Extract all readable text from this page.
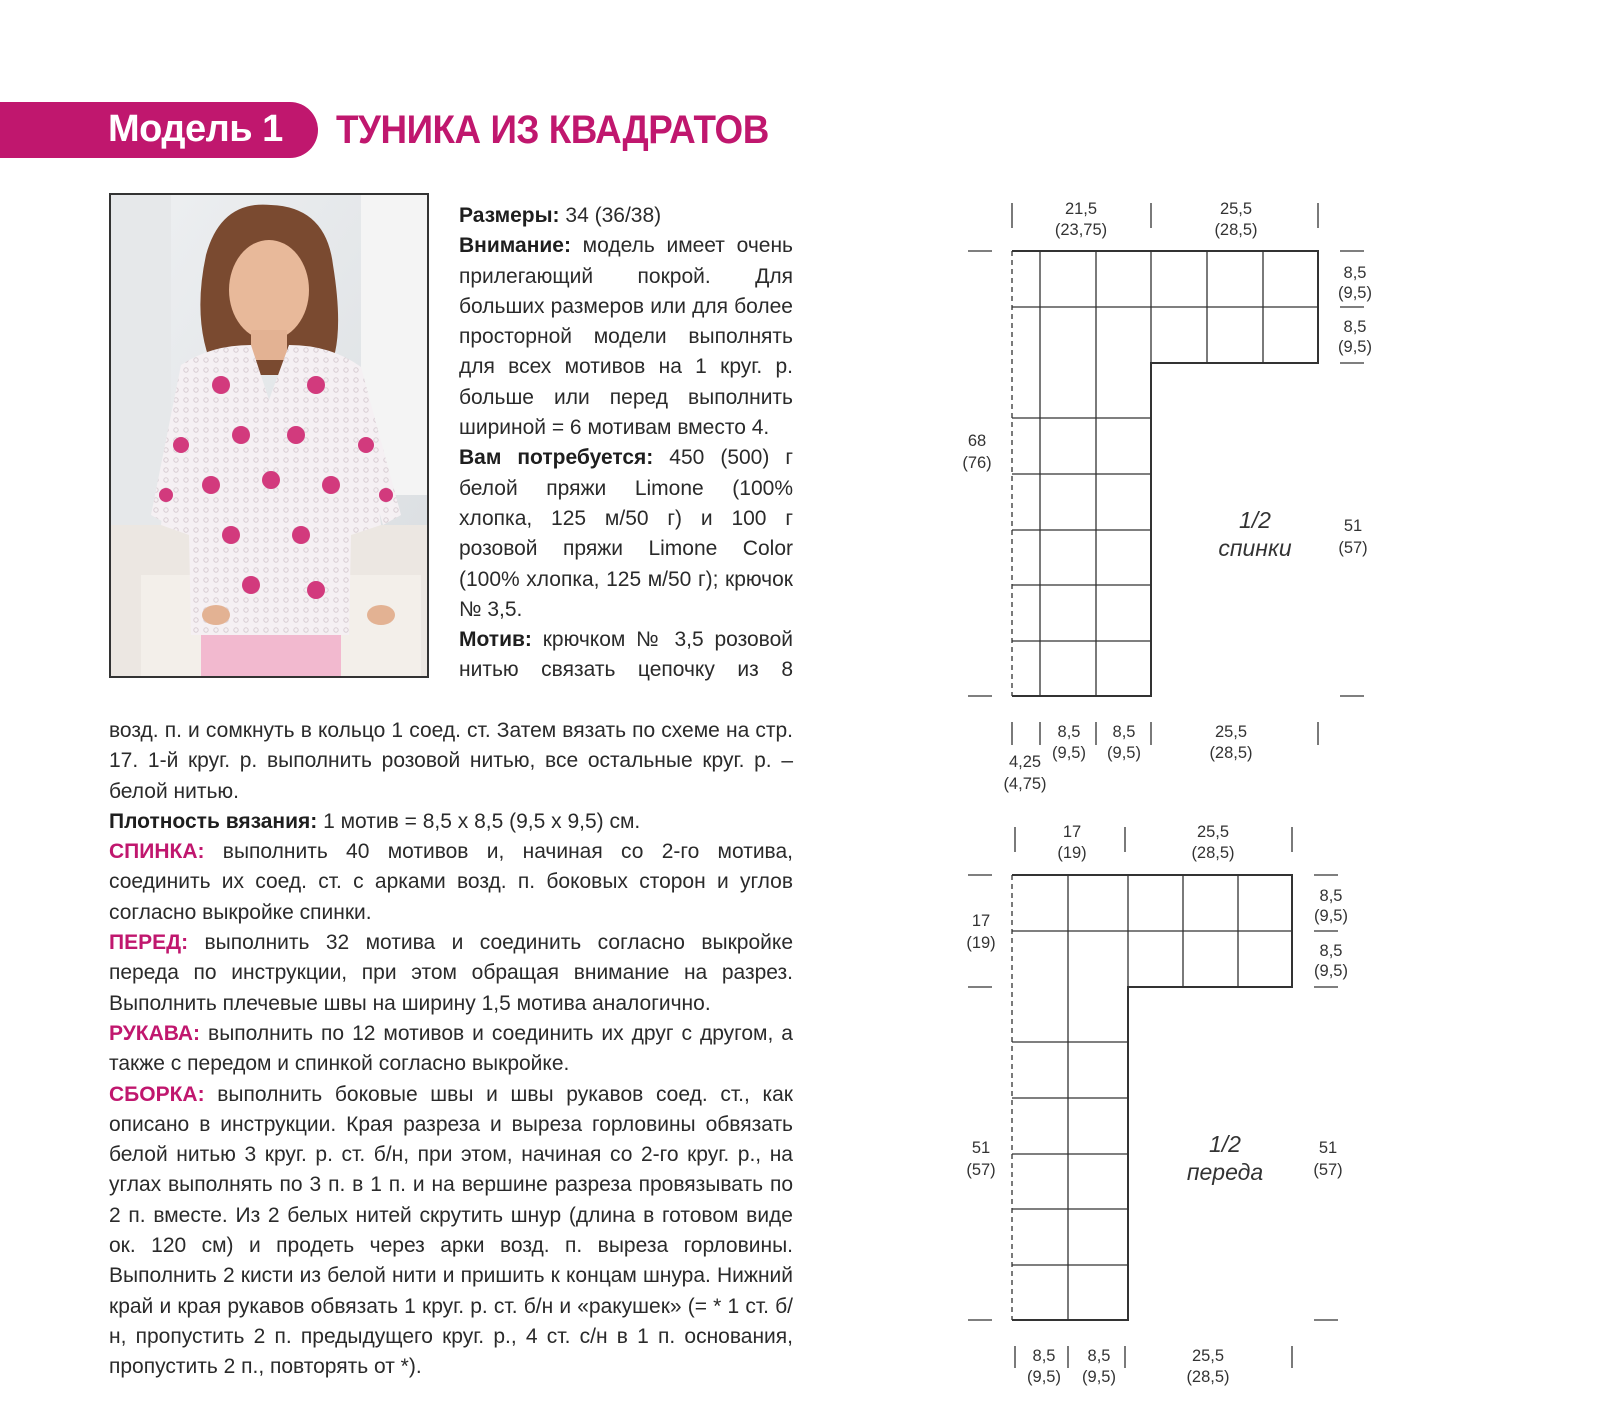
Модель 1 ТУНИКА ИЗ КВАДРАТОВ

Размеры: 34 (36/38)

Внимание: модель имеет очень прилегающий покрой. Для больших размеров или для более просторной модели выполнять для всех мотивов на 1 круг. р. больше или перед выполнить шириной = 6 мотивам вместо 4.

Вам потребуется: 450 (500) г белой пряжи Limone (100% хлопка, 125 м/50 г) и 100 г розовой пряжи Limone Color (100% хлопка, 125 м/50 г); крючок № 3,5.

Мотив: крючком № 3,5 розовой нитью связать цепочку из 8

возд. п. и сомкнуть в кольцо 1 соед. ст. Затем вязать по схеме на стр. 17. 1-й круг. р. выполнить розовой нитью, все остальные круг. р. – белой нитью.

Плотность вязания: 1 мотив = 8,5 х 8,5 (9,5 х 9,5) см.

СПИНКА: выполнить 40 мотивов и, начиная со 2-го мотива, соединить их соед. ст. с арками возд. п. боковых сторон и углов согласно выкройке спинки.

ПЕРЕД: выполнить 32 мотива и соединить согласно выкройке переда по инструкции, при этом обращая внимание на разрез. Выполнить плечевые швы на ширину 1,5 мотива аналогично.

РУКАВА: выполнить по 12 мотивов и соединить их друг с другом, а также с передом и спинкой согласно выкройке.

СБОРКА: выполнить боковые швы и швы рукавов соед. ст., как описано в инструкции. Края разреза и выреза горловины обвязать белой нитью 3 круг. р. ст. б/н, при этом, начиная со 2-го круг. р., на углах выполнять по 3 п. в 1 п. и на вершине разреза провязывать по 2 п. вместе. Из 2 белых нитей скрутить шнур (длина в готовом виде ок. 120 см) и продеть через арки возд. п. выреза горловины. Выполнить 2 кисти из белой нити и пришить к концам шнура. Нижний край и края рукавов обвязать 1 круг. р. ст. б/н и «ракушек» (= * 1 ст. б/н, пропустить 2 п. предыдущего круг. р., 4 ст. с/н в 1 п. основания, пропустить 2 п., повторять от *).

1/2
спинки
21,5
(23,75)
25,5
(28,5)
8,5
(9,5)
8,5
(9,5)
68
(76)
51
(57)
4,25
(4,75)
8,5
(9,5)
8,5
(9,5)
25,5
(28,5)
1/2
переда
17
(19)
25,5
(28,5)
8,5
(9,5)
8,5
(9,5)
17
(19)
51
(57)
51
(57)
8,5
(9,5)
8,5
(9,5)
25,5
(28,5)
